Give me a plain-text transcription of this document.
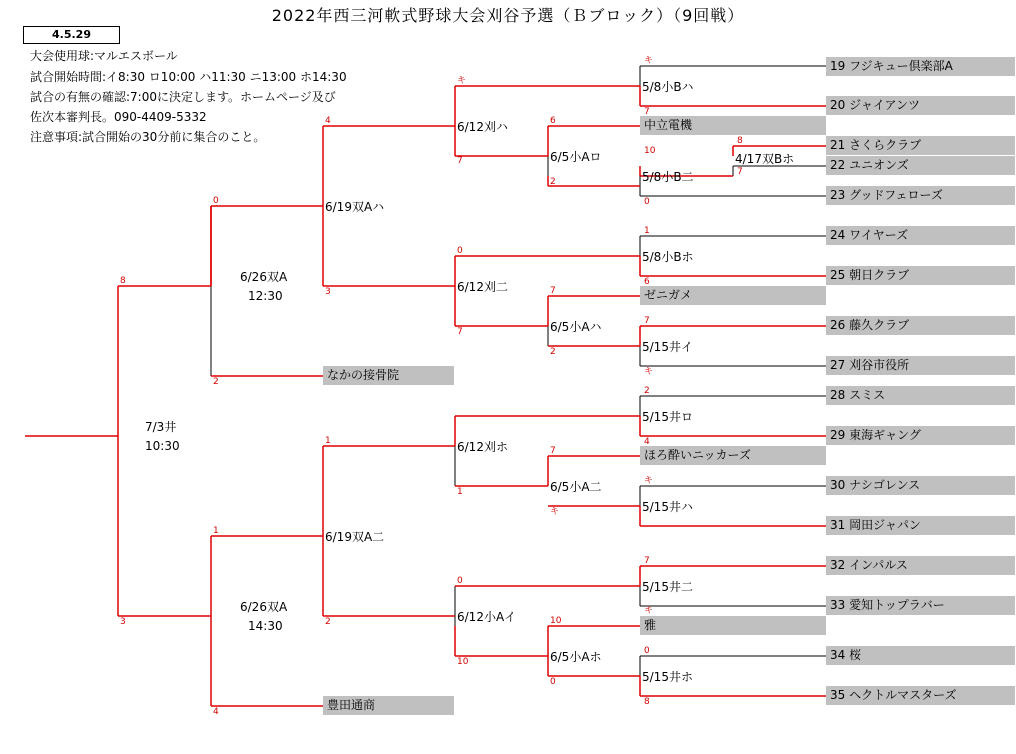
2022年西三河軟式野球大会刈谷予選（Ｂブロック）（9回戦）
4.5.29
大会使用球:マルエスボール
試合開始時間:イ8:30 ロ10:00 ハ11:30 ニ13:00 ホ14:30
試合の有無の確認:7:00に決定します。ホームページ及び
佐次本審判長。090-4409-5332
注意事項:試合開始の30分前に集合のこと。
19 フジキュー倶楽部A
20 ジャイアンツ
中立電機
21 さくらクラブ
22 ユニオンズ
23 グッドフェローズ
24 ワイヤーズ
25 朝日クラブ
ゼニガメ
26 藤久クラブ
27 刈谷市役所
なかの接骨院
28 スミス
29 東海ギャング
ほろ酔いニッカーズ
30 ナシゴレンス
31 岡田ジャパン
32 インパルス
33 愛知トップラバー
雅
34 桜
35 ヘクトルマスターズ
豊田通商
4/17双Bホ
5/8小Bハ
5/8小B二
5/8小Bホ
5/15井イ
5/15井ロ
5/15井ハ
5/15井二
5/15井ホ
6/5小Aロ
6/5小Aハ
6/5小A二
6/5小Aホ
6/12刈ハ
6/12刈二
6/12刈ホ
6/12小Aイ
6/19双Aハ
6/19双A二
6/26双A
12:30
6/26双A
14:30
7/3井
10:30
キ
7
8
7
10
2
0
6
キ
4
7
1
6
7
2
7
キ
0
7
3
0
2
4
7
1
キ
キ
1
7
キ
10
0
0
8
0
10
2
1
8
2
3
4
